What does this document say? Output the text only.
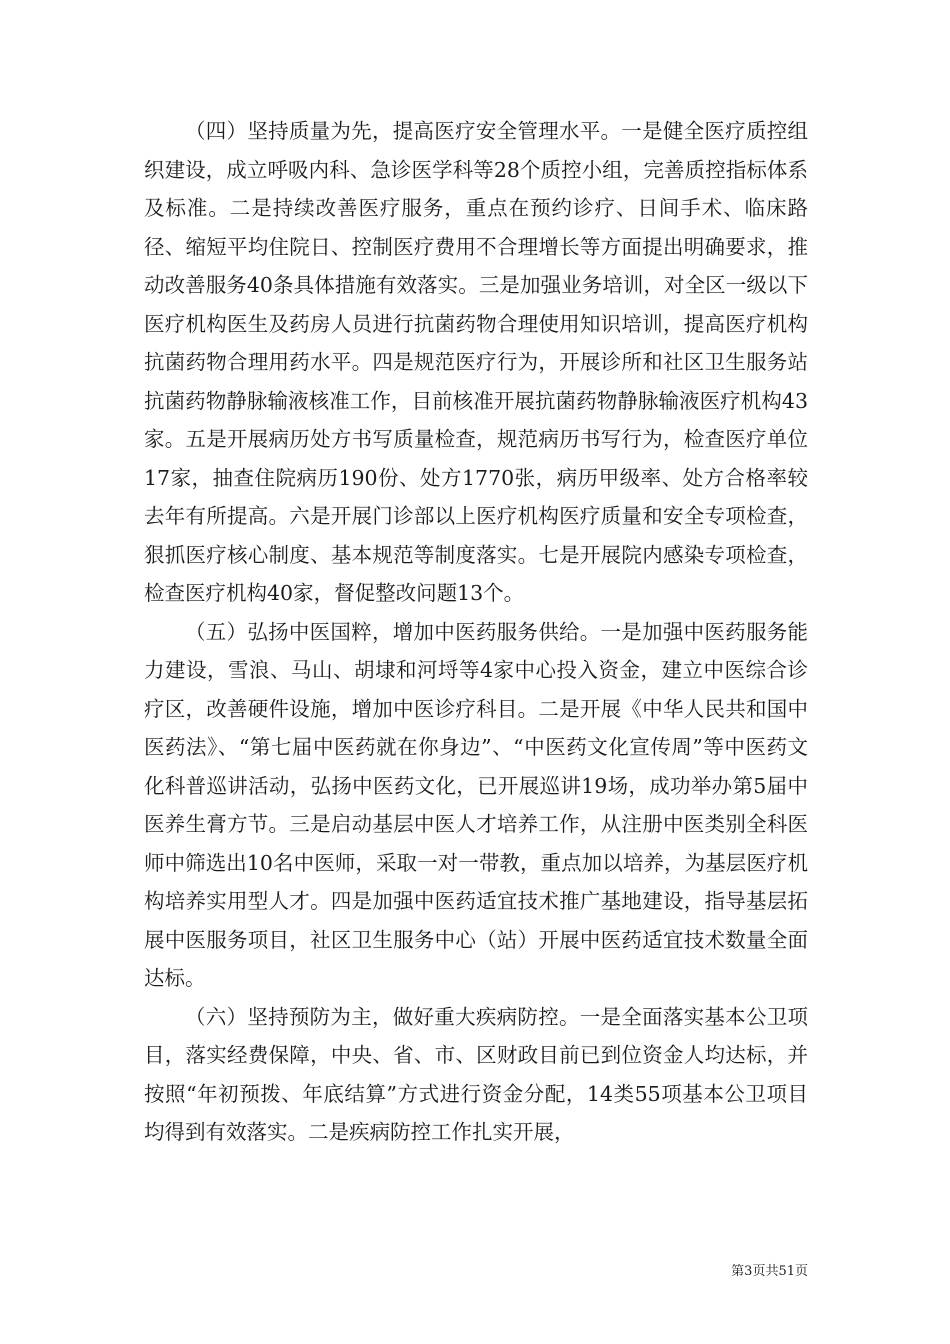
（四）坚持质量为先，提高医疗安全管理水平。一是健全医疗质控组织建设，成立呼吸内科、急诊医学科等28个质控小组，完善质控指标体系及标准。二是持续改善医疗服务，重点在预约诊疗、日间手术、临床路径、缩短平均住院日、控制医疗费用不合理增长等方面提出明确要求，推动改善服务40条具体措施有效落实。三是加强业务培训，对全区一级以下医疗机构医生及药房人员进行抗菌药物合理使用知识培训，提高医疗机构抗菌药物合理用药水平。四是规范医疗行为，开展诊所和社区卫生服务站抗菌药物静脉输液核准工作，目前核准开展抗菌药物静脉输液医疗机构43家。五是开展病历处方书写质量检查，规范病历书写行为，检查医疗单位17家，抽查住院病历190份、处方1770张，病历甲级率、处方合格率较去年有所提高。六是开展门诊部以上医疗机构医疗质量和安全专项检查，狠抓医疗核心制度、基本规范等制度落实。七是开展院内感染专项检查，检查医疗机构40家，督促整改问题13个。

（五）弘扬中医国粹，增加中医药服务供给。一是加强中医药服务能力建设，雪浪、马山、胡埭和河埒等4家中心投入资金，建立中医综合诊疗区，改善硬件设施，增加中医诊疗科目。二是开展《中华人民共和国中医药法》、“第七届中医药就在你身边”、“中医药文化宣传周”等中医药文化科普巡讲活动，弘扬中医药文化，已开展巡讲19场，成功举办第5届中医养生膏方节。三是启动基层中医人才培养工作，从注册中医类别全科医师中筛选出10名中医师，采取一对一带教，重点加以培养，为基层医疗机构培养实用型人才。四是加强中医药适宜技术推广基地建设，指导基层拓展中医服务项目，社区卫生服务中心（站）开展中医药适宜技术数量全面达标。

（六）坚持预防为主，做好重大疾病防控。一是全面落实基本公卫项目，落实经费保障，中央、省、市、区财政目前已到位资金人均达标，并按照“年初预拨、年底结算”方式进行资金分配，14类55项基本公卫项目均得到有效落实。二是疾病防控工作扎实开展，

第3页共51页
